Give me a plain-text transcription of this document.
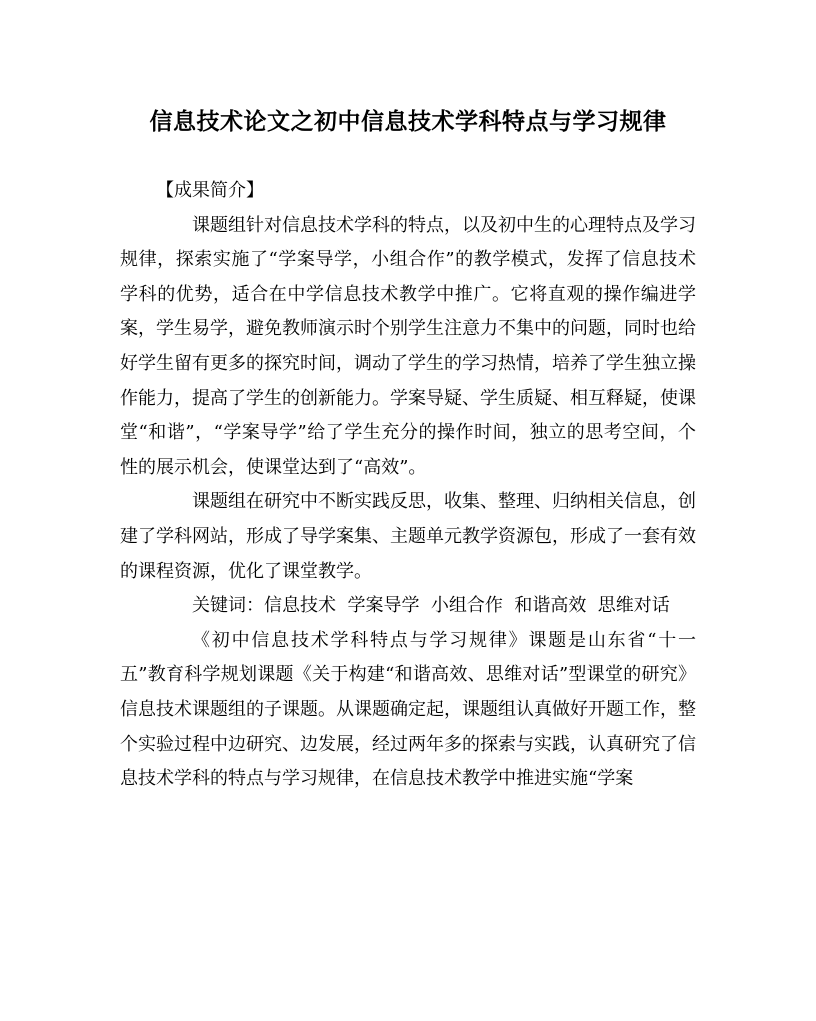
信息技术论文之初中信息技术学科特点与学习规律

【成果简介】

课题组针对信息技术学科的特点，以及初中生的心理特点及学习规律，探索实施了“学案导学，小组合作”的教学模式，发挥了信息技术学科的优势，适合在中学信息技术教学中推广。它将直观的操作编进学案，学生易学，避免教师演示时个别学生注意力不集中的问题，同时也给好学生留有更多的探究时间，调动了学生的学习热情，培养了学生独立操作能力，提高了学生的创新能力。学案导疑、学生质疑、相互释疑，使课堂“和谐”，“学案导学”给了学生充分的操作时间，独立的思考空间，个性的展示机会，使课堂达到了“高效”。

课题组在研究中不断实践反思，收集、整理、归纳相关信息，创建了学科网站，形成了导学案集、主题单元教学资源包，形成了一套有效的课程资源，优化了课堂教学。

关键词：信息技术  学案导学  小组合作  和谐高效  思维对话

《初中信息技术学科特点与学习规律》课题是山东省“十一五”教育科学规划课题《关于构建“和谐高效、思维对话”型课堂的研究》信息技术课题组的子课题。从课题确定起，课题组认真做好开题工作，整个实验过程中边研究、边发展，经过两年多的探索与实践，认真研究了信息技术学科的特点与学习规律，在信息技术教学中推进实施“学案
